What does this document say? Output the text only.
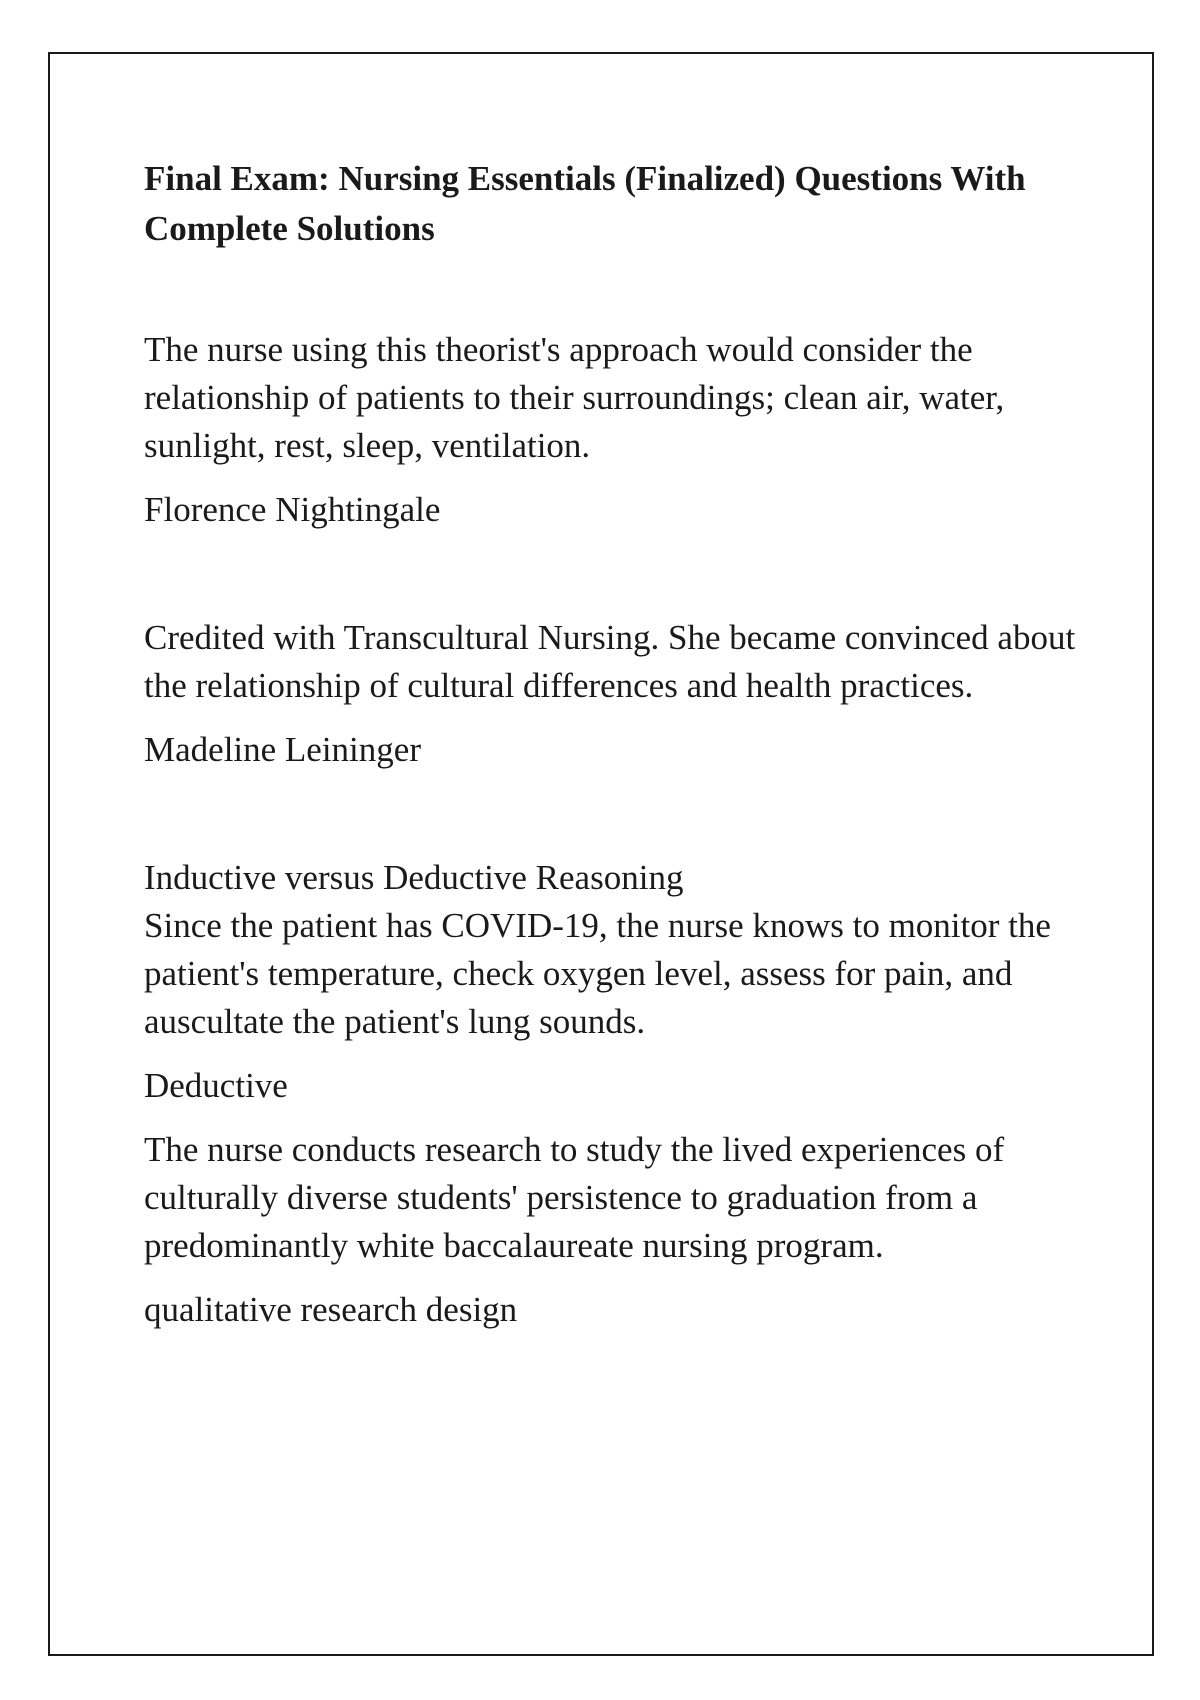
Final Exam: Nursing Essentials (Finalized) Questions With Complete Solutions

The nurse using this theorist's approach would consider the relationship of patients to their surroundings; clean air, water, sunlight, rest, sleep, ventilation.

Florence Nightingale

Credited with Transcultural Nursing. She became convinced about the relationship of cultural differences and health practices.

Madeline Leininger

Inductive versus Deductive Reasoning

Since the patient has COVID-19, the nurse knows to monitor the patient's temperature, check oxygen level, assess for pain, and auscultate the patient's lung sounds.

Deductive

The nurse conducts research to study the lived experiences of culturally diverse students' persistence to graduation from a predominantly white baccalaureate nursing program.

qualitative research design
